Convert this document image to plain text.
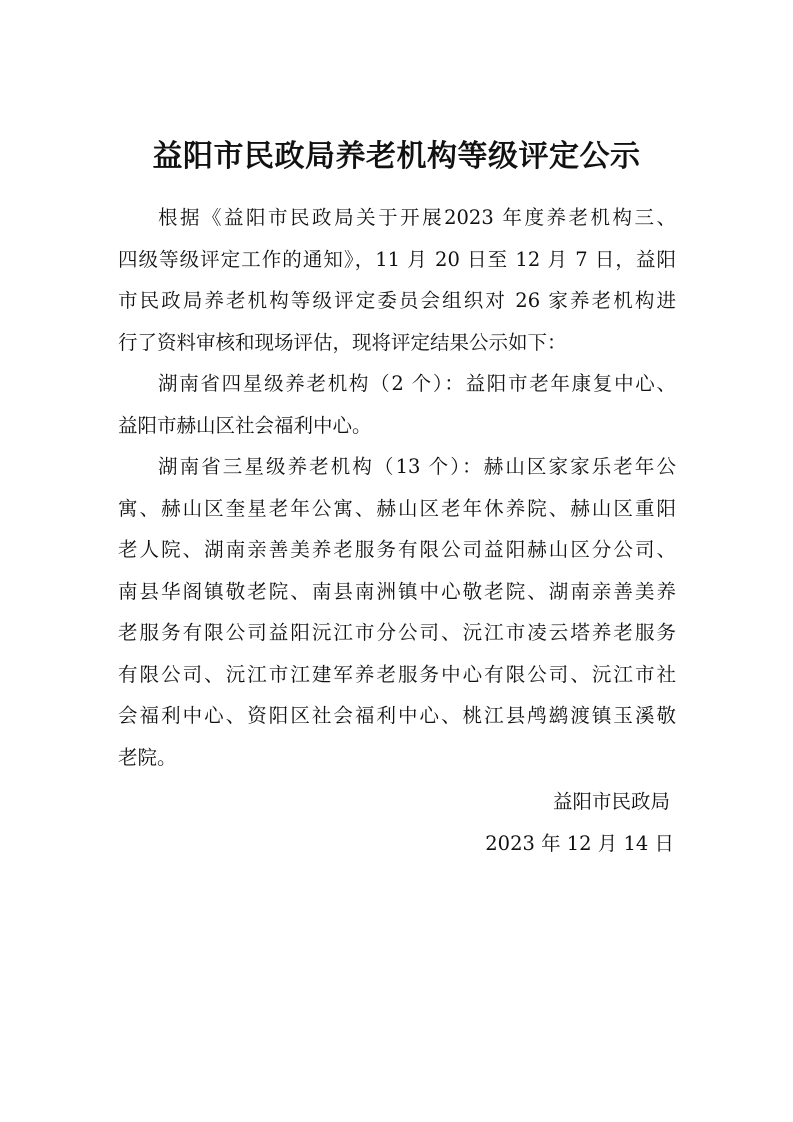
益阳市民政局养老机构等级评定公示
根据《益阳市民政局关于开展2023 年度养老机构三、
四级等级评定工作的通知》，11 月 20 日至 12 月 7 日，益阳
市民政局养老机构等级评定委员会组织对 26 家养老机构进
行了资料审核和现场评估，现将评定结果公示如下：
湖南省四星级养老机构（2 个）：益阳市老年康复中心、
益阳市赫山区社会福利中心。
湖南省三星级养老机构（13 个）：赫山区家家乐老年公
寓、赫山区奎星老年公寓、赫山区老年休养院、赫山区重阳
老人院、湖南亲善美养老服务有限公司益阳赫山区分公司、
南县华阁镇敬老院、南县南洲镇中心敬老院、湖南亲善美养
老服务有限公司益阳沅江市分公司、沅江市凌云塔养老服务
有限公司、沅江市江建军养老服务中心有限公司、沅江市社
会福利中心、资阳区社会福利中心、桃江县鸬鹚渡镇玉溪敬
老院。
益阳市民政局
2023 年 12 月 14 日
